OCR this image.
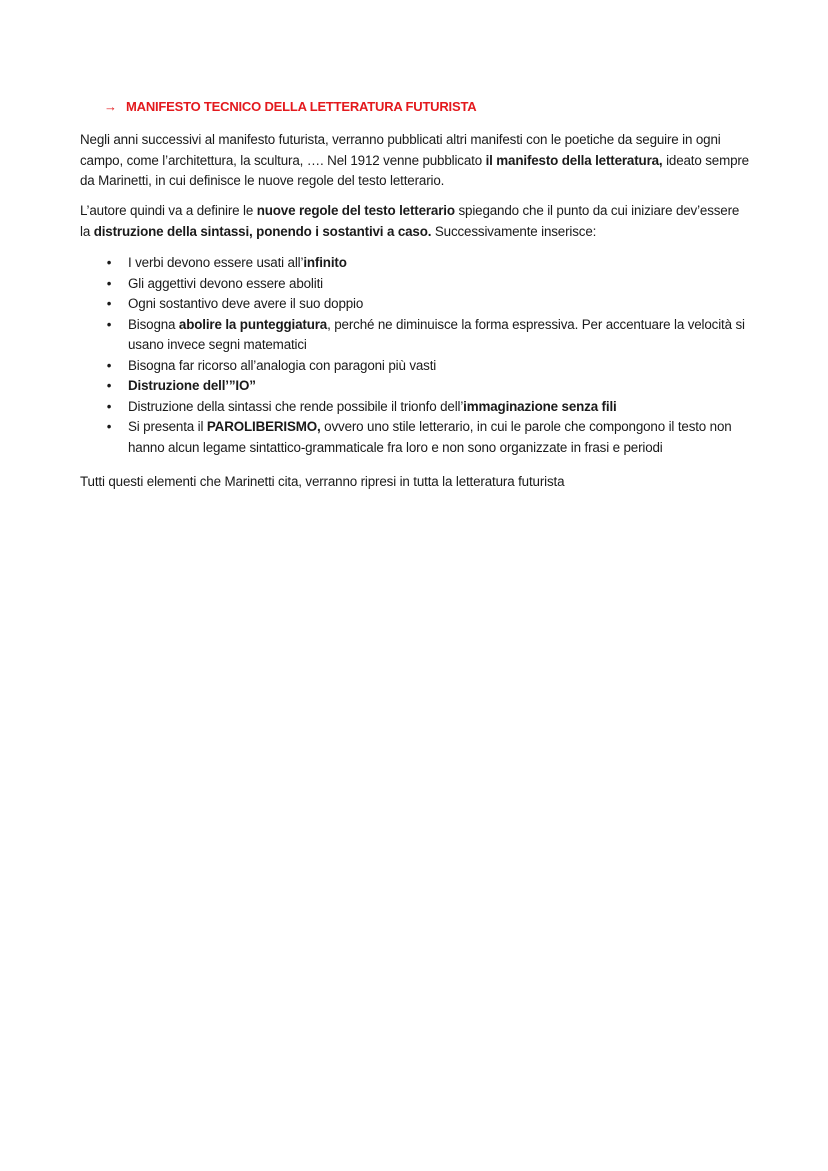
→ MANIFESTO TECNICO DELLA LETTERATURA FUTURISTA
Negli anni successivi al manifesto futurista, verranno pubblicati altri manifesti con le poetiche da seguire in ogni campo, come l’architettura, la scultura, …. Nel 1912 venne pubblicato il manifesto della letteratura, ideato sempre da Marinetti, in cui definisce le nuove regole del testo letterario.
L’autore quindi va a definire le nuove regole del testo letterario spiegando che il punto da cui iniziare dev’essere la distruzione della sintassi, ponendo i sostantivi a caso. Successivamente inserisce:
• I verbi devono essere usati all’infinito
• Gli aggettivi devono essere aboliti
• Ogni sostantivo deve avere il suo doppio
• Bisogna abolire la punteggiatura, perché ne diminuisce la forma espressiva. Per accentuare la velocità si usano invece segni matematici
• Bisogna far ricorso all’analogia con paragoni più vasti
• Distruzione dell’”IO”
• Distruzione della sintassi che rende possibile il trionfo dell’immaginazione senza fili
• Si presenta il PAROLIBERISMO, ovvero uno stile letterario, in cui le parole che compongono il testo non hanno alcun legame sintattico-grammaticale fra loro e non sono organizzate in frasi e periodi
Tutti questi elementi che Marinetti cita, verranno ripresi in tutta la letteratura futurista
